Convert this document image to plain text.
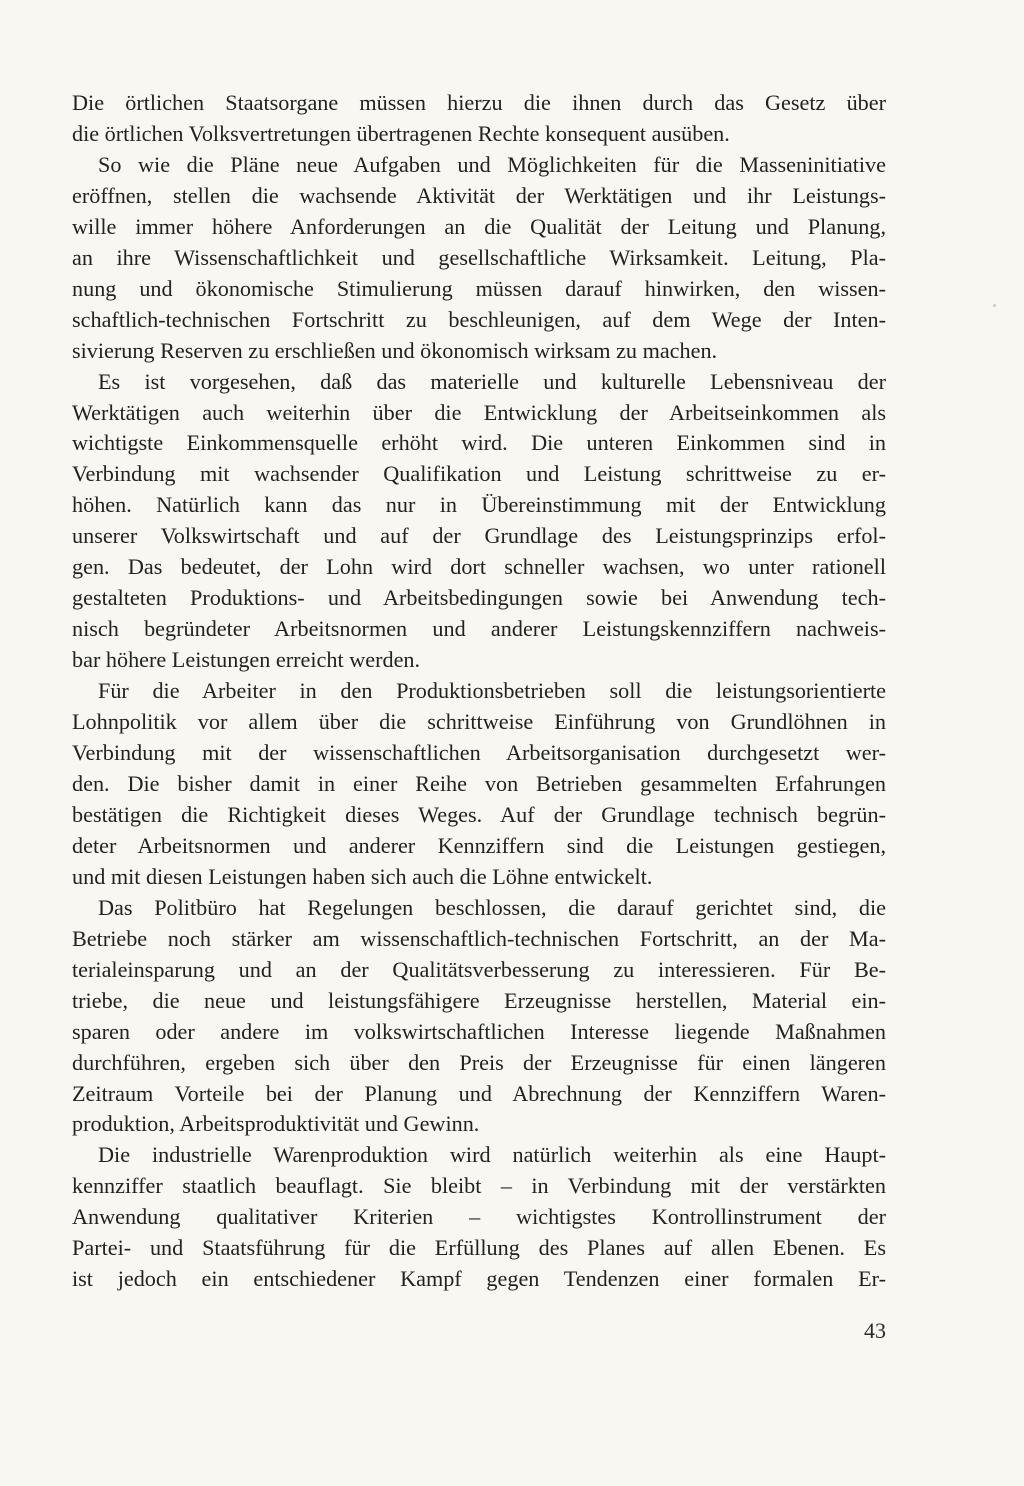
Die örtlichen Staatsorgane müssen hierzu die ihnen durch das Gesetz über
die örtlichen Volksvertretungen übertragenen Rechte konsequent ausüben.

So wie die Pläne neue Aufgaben und Möglichkeiten für die Masseninitiative
eröffnen, stellen die wachsende Aktivität der Werktätigen und ihr Leistungs-
wille immer höhere Anforderungen an die Qualität der Leitung und Planung,
an ihre Wissenschaftlichkeit und gesellschaftliche Wirksamkeit. Leitung, Pla-
nung und ökonomische Stimulierung müssen darauf hinwirken, den wissen-
schaftlich-technischen Fortschritt zu beschleunigen, auf dem Wege der Inten-
sivierung Reserven zu erschließen und ökonomisch wirksam zu machen.

Es ist vorgesehen, daß das materielle und kulturelle Lebensniveau der
Werktätigen auch weiterhin über die Entwicklung der Arbeitseinkommen als
wichtigste Einkommensquelle erhöht wird. Die unteren Einkommen sind in
Verbindung mit wachsender Qualifikation und Leistung schrittweise zu er-
höhen. Natürlich kann das nur in Übereinstimmung mit der Entwicklung
unserer Volkswirtschaft und auf der Grundlage des Leistungsprinzips erfol-
gen. Das bedeutet, der Lohn wird dort schneller wachsen, wo unter rationell
gestalteten Produktions- und Arbeitsbedingungen sowie bei Anwendung tech-
nisch begründeter Arbeitsnormen und anderer Leistungskennziffern nachweis-
bar höhere Leistungen erreicht werden.

Für die Arbeiter in den Produktionsbetrieben soll die leistungsorientierte
Lohnpolitik vor allem über die schrittweise Einführung von Grundlöhnen in
Verbindung mit der wissenschaftlichen Arbeitsorganisation durchgesetzt wer-
den. Die bisher damit in einer Reihe von Betrieben gesammelten Erfahrungen
bestätigen die Richtigkeit dieses Weges. Auf der Grundlage technisch begrün-
deter Arbeitsnormen und anderer Kennziffern sind die Leistungen gestiegen,
und mit diesen Leistungen haben sich auch die Löhne entwickelt.

Das Politbüro hat Regelungen beschlossen, die darauf gerichtet sind, die
Betriebe noch stärker am wissenschaftlich-technischen Fortschritt, an der Ma-
terialeinsparung und an der Qualitätsverbesserung zu interessieren. Für Be-
triebe, die neue und leistungsfähigere Erzeugnisse herstellen, Material ein-
sparen oder andere im volkswirtschaftlichen Interesse liegende Maßnahmen
durchführen, ergeben sich über den Preis der Erzeugnisse für einen längeren
Zeitraum Vorteile bei der Planung und Abrechnung der Kennziffern Waren-
produktion, Arbeitsproduktivität und Gewinn.

Die industrielle Warenproduktion wird natürlich weiterhin als eine Haupt-
kennziffer staatlich beauflagt. Sie bleibt – in Verbindung mit der verstärkten
Anwendung qualitativer Kriterien – wichtigstes Kontrollinstrument der
Partei- und Staatsführung für die Erfüllung des Planes auf allen Ebenen. Es
ist jedoch ein entschiedener Kampf gegen Tendenzen einer formalen Er-

43
